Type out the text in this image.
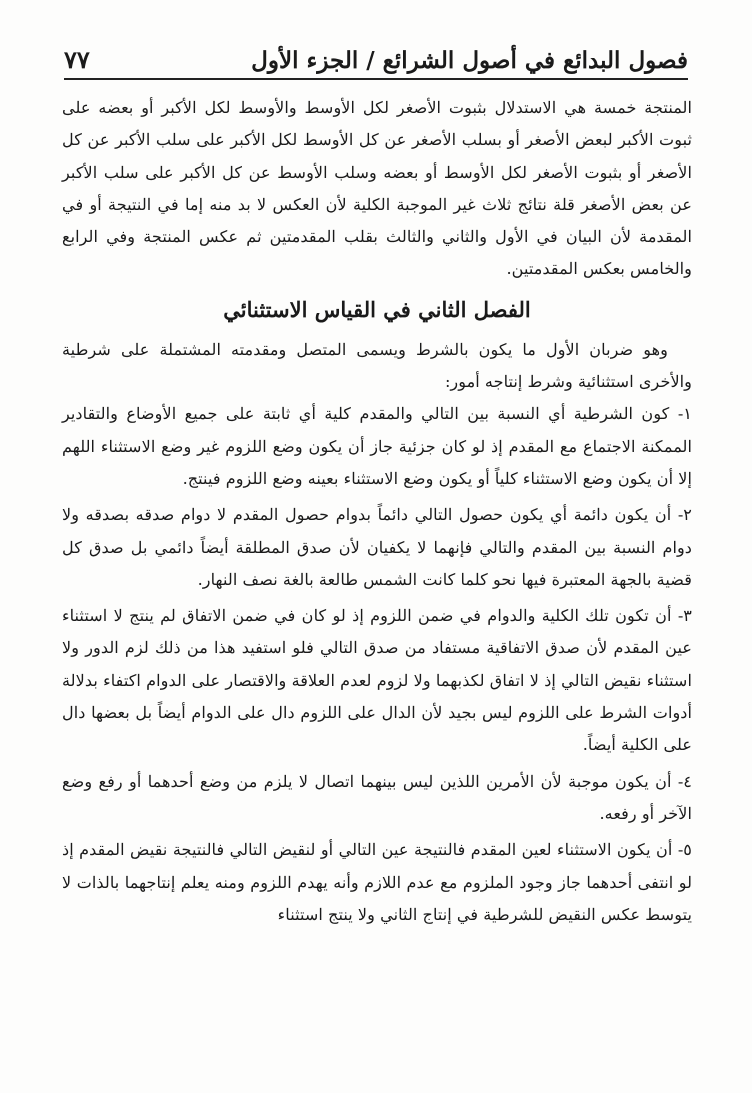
فصول البدائع في أصول الشرائع / الجزء الأول
٧٧

المنتجة خمسة هي الاستدلال بثبوت الأصغر لكل الأوسط والأوسط لكل الأكبر أو بعضه على ثبوت الأكبر لبعض الأصغر أو بسلب الأصغر عن كل الأوسط لكل الأكبر على سلب الأكبر عن كل الأصغر أو بثبوت الأصغر لكل الأوسط أو بعضه وسلب الأوسط عن كل الأكبر على سلب الأكبر عن بعض الأصغر قلة نتائج ثلاث غير الموجبة الكلية لأن العكس لا بد منه إما في النتيجة أو في المقدمة لأن البيان في الأول والثاني والثالث بقلب المقدمتين ثم عكس المنتجة وفي الرابع والخامس بعكس المقدمتين.

الفصل الثاني في القياس الاستثنائي

وهو ضربان الأول ما يكون بالشرط ويسمى المتصل ومقدمته المشتملة على شرطية والأخرى استثنائية وشرط إنتاجه أمور:

١- كون الشرطية أي النسبة بين التالي والمقدم كلية أي ثابتة على جميع الأوضاع والتقادير الممكنة الاجتماع مع المقدم إذ لو كان جزئية جاز أن يكون وضع اللزوم غير وضع الاستثناء اللهم إلا أن يكون وضع الاستثناء كلياً أو يكون وضع الاستثناء بعينه وضع اللزوم فينتج.

٢- أن يكون دائمة أي يكون حصول التالي دائماً بدوام حصول المقدم لا دوام صدقه بصدقه ولا دوام النسبة بين المقدم والتالي فإنهما لا يكفيان لأن صدق المطلقة أيضاً دائمي بل صدق كل قضية بالجهة المعتبرة فيها نحو كلما كانت الشمس طالعة بالغة نصف النهار.

٣- أن تكون تلك الكلية والدوام في ضمن اللزوم إذ لو كان في ضمن الاتفاق لم ينتج لا استثناء عين المقدم لأن صدق الاتفاقية مستفاد من صدق التالي فلو استفيد هذا من ذلك لزم الدور ولا استثناء نقيض التالي إذ لا اتفاق لكذبهما ولا لزوم لعدم العلاقة والاقتصار على الدوام اكتفاء بدلالة أدوات الشرط على اللزوم ليس بجيد لأن الدال على اللزوم دال على الدوام أيضاً بل بعضها دال على الكلية أيضاً.

٤- أن يكون موجبة لأن الأمرين اللذين ليس بينهما اتصال لا يلزم من وضع أحدهما أو رفع وضع الآخر أو رفعه.

٥- أن يكون الاستثناء لعين المقدم فالنتيجة عين التالي أو لنقيض التالي فالنتيجة نقيض المقدم إذ لو انتفى أحدهما جاز وجود الملزوم مع عدم اللازم وأنه يهدم اللزوم ومنه يعلم إنتاجهما بالذات لا يتوسط عكس النقيض للشرطية في إنتاج الثاني ولا ينتج استثناء
